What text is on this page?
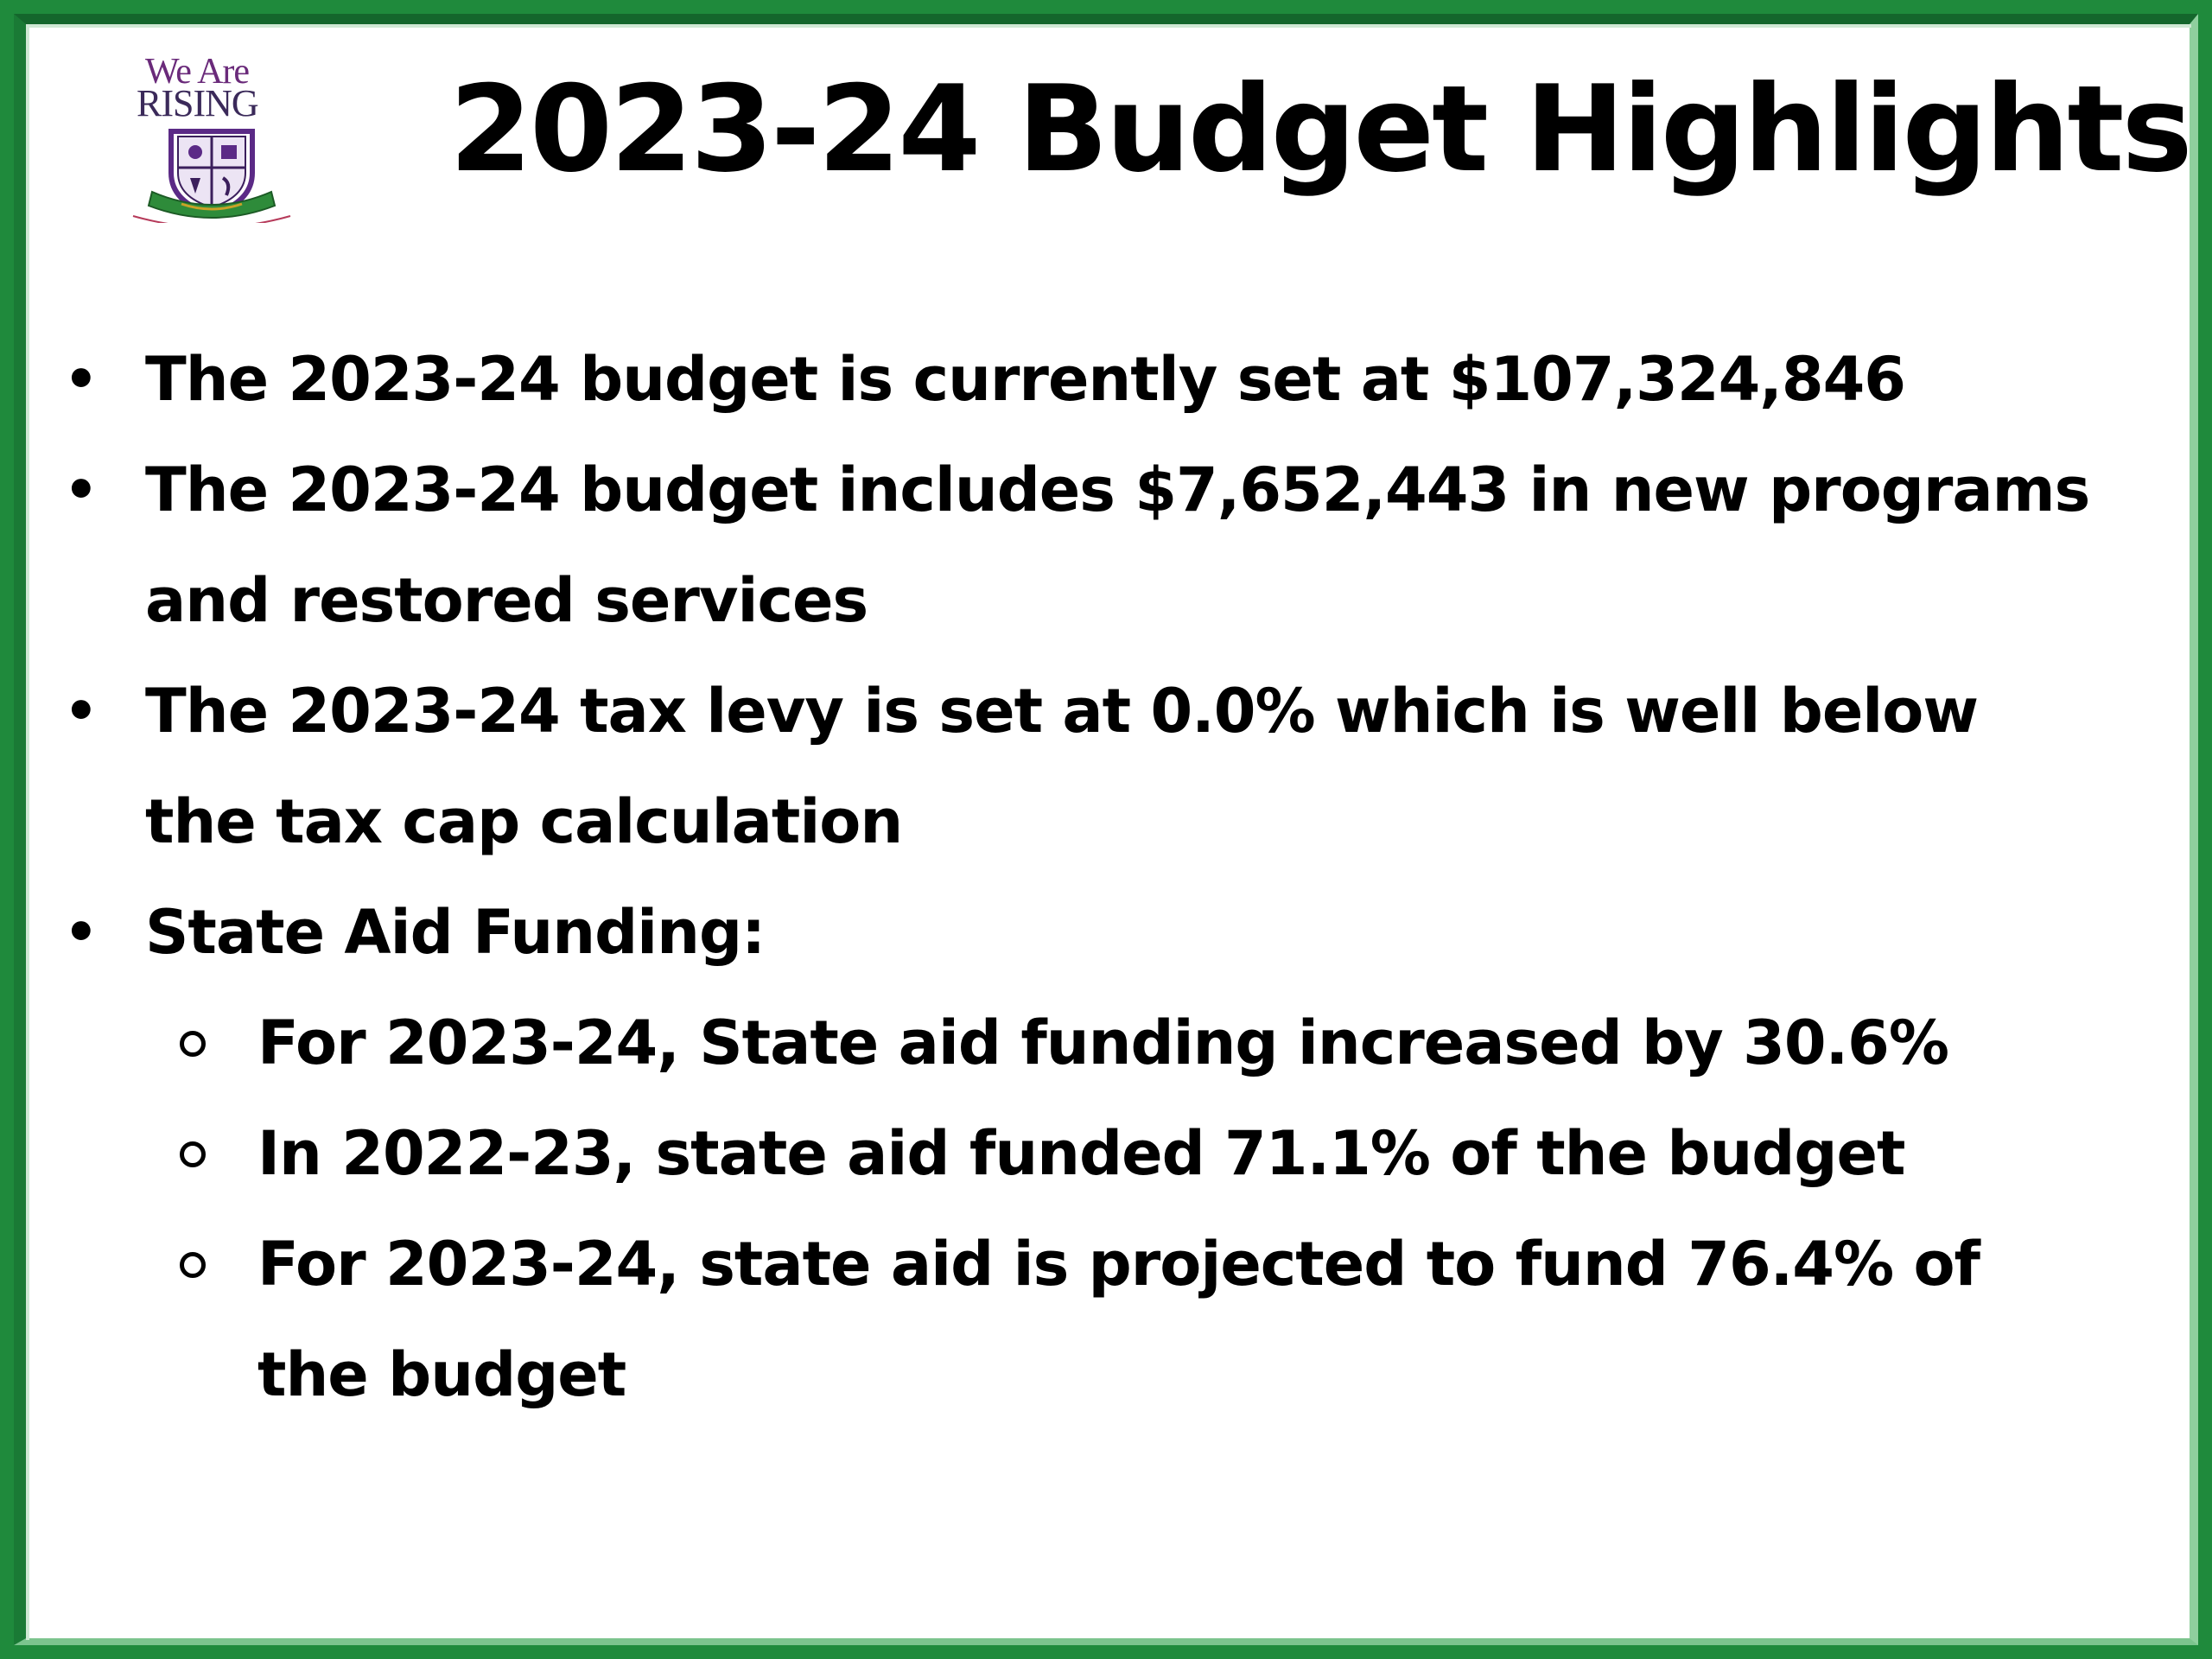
We Are
RISING 2023-24 Budget Highlights
• The 2023-24 budget is currently set at $107,324,846
• The 2023-24 budget includes $7,652,443 in new programs and restored services
• The 2023-24 tax levy is set at 0.0% which is well below the tax cap calculation
• State Aid Funding:
For 2023-24, State aid funding increased by 30.6%
In 2022-23, state aid funded 71.1% of the budget
For 2023-24, state aid is projected to fund 76.4% of the budget
